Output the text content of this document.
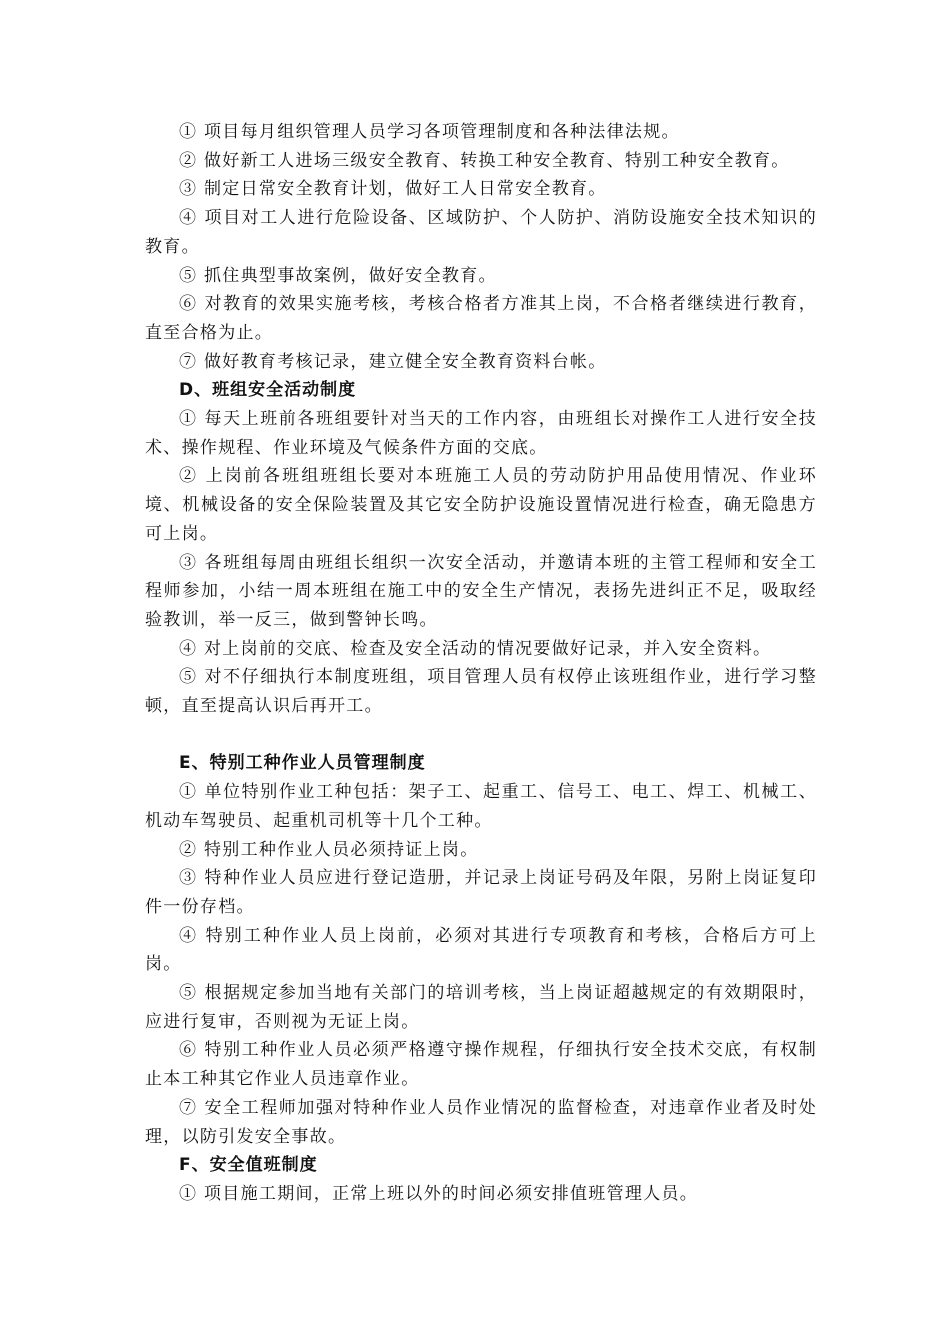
① 项目每月组织管理人员学习各项管理制度和各种法律法规。

② 做好新工人进场三级安全教育、转换工种安全教育、特别工种安全教育。

③ 制定日常安全教育计划，做好工人日常安全教育。

④ 项目对工人进行危险设备、区域防护、个人防护、消防设施安全技术知识的教育。

⑤ 抓住典型事故案例，做好安全教育。

⑥ 对教育的效果实施考核，考核合格者方准其上岗，不合格者继续进行教育，直至合格为止。

⑦ 做好教育考核记录，建立健全安全教育资料台帐。

D、班组安全活动制度

① 每天上班前各班组要针对当天的工作内容，由班组长对操作工人进行安全技术、操作规程、作业环境及气候条件方面的交底。

② 上岗前各班组班组长要对本班施工人员的劳动防护用品使用情况、作业环境、机械设备的安全保险装置及其它安全防护设施设置情况进行检查，确无隐患方可上岗。

③ 各班组每周由班组长组织一次安全活动，并邀请本班的主管工程师和安全工程师参加，小结一周本班组在施工中的安全生产情况，表扬先进纠正不足，吸取经验教训，举一反三，做到警钟长鸣。

④ 对上岗前的交底、检查及安全活动的情况要做好记录，并入安全资料。

⑤ 对不仔细执行本制度班组，项目管理人员有权停止该班组作业，进行学习整顿，直至提高认识后再开工。

E、特别工种作业人员管理制度

① 单位特别作业工种包括：架子工、起重工、信号工、电工、焊工、机械工、机动车驾驶员、起重机司机等十几个工种。

② 特别工种作业人员必须持证上岗。

③ 特种作业人员应进行登记造册，并记录上岗证号码及年限，另附上岗证复印件一份存档。

④ 特别工种作业人员上岗前，必须对其进行专项教育和考核，合格后方可上岗。

⑤ 根据规定参加当地有关部门的培训考核，当上岗证超越规定的有效期限时，应进行复审，否则视为无证上岗。

⑥ 特别工种作业人员必须严格遵守操作规程，仔细执行安全技术交底，有权制止本工种其它作业人员违章作业。

⑦ 安全工程师加强对特种作业人员作业情况的监督检查，对违章作业者及时处理，以防引发安全事故。

F、安全值班制度

① 项目施工期间，正常上班以外的时间必须安排值班管理人员。
